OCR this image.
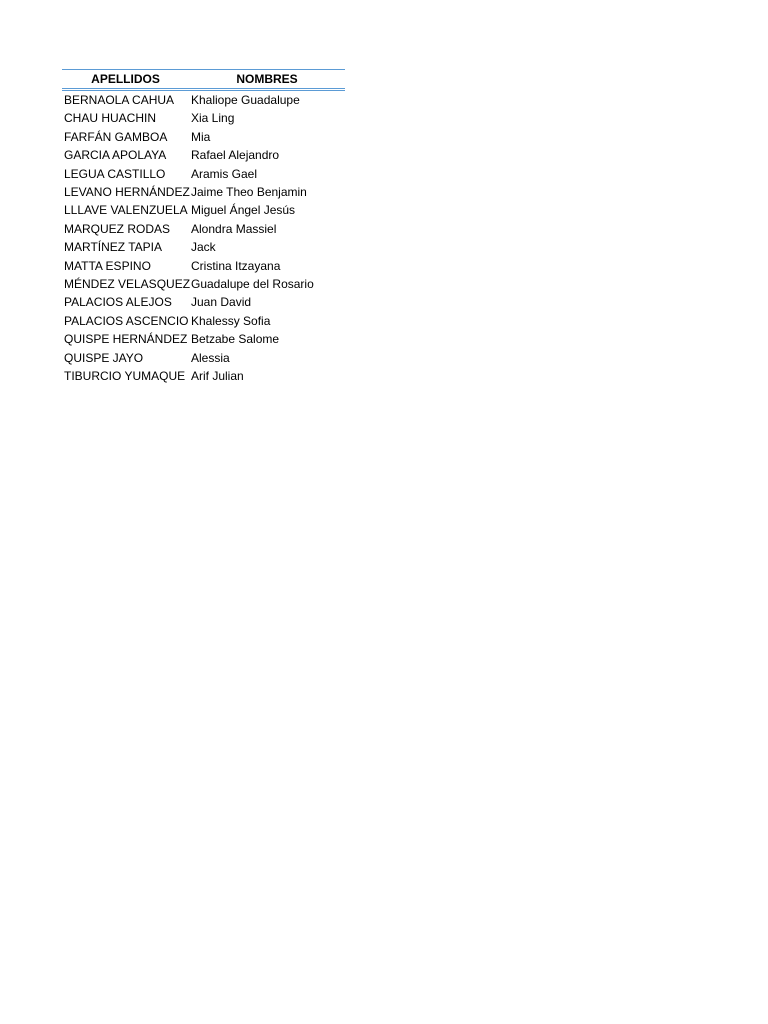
APELLIDOS	NOMBRES
BERNAOLA CAHUA	Khaliope Guadalupe
CHAU HUACHIN	Xia Ling
FARFÁN GAMBOA	Mia
GARCIA APOLAYA	Rafael Alejandro
LEGUA CASTILLO	Aramis Gael
LEVANO HERNÁNDEZ	Jaime Theo Benjamin
LLLAVE VALENZUELA	Miguel Ángel Jesús
MARQUEZ RODAS	Alondra Massiel
MARTÍNEZ TAPIA	Jack
MATTA ESPINO	Cristina Itzayana
MÉNDEZ VELASQUEZ	Guadalupe del Rosario
PALACIOS ALEJOS	Juan David
PALACIOS ASCENCIO	Khalessy Sofia
QUISPE HERNÁNDEZ	Betzabe Salome
QUISPE JAYO	Alessia
TIBURCIO YUMAQUE	Arif Julian
